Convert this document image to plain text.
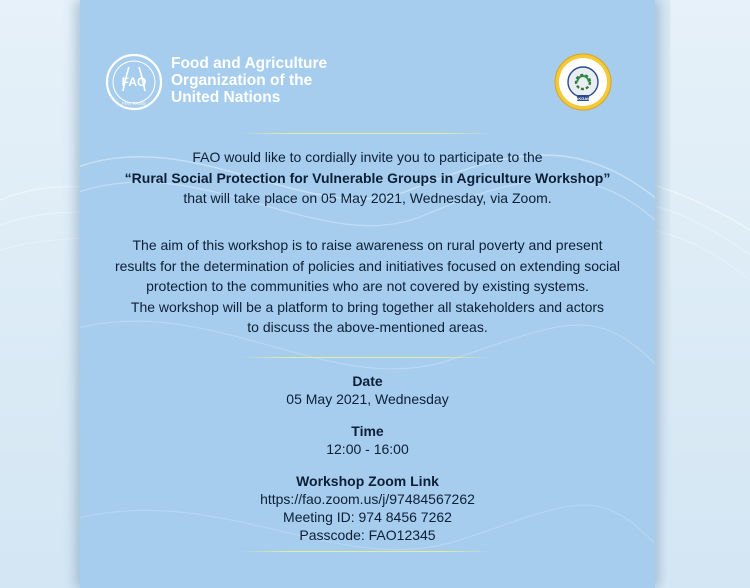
FAO
FIAT PANIS
Food and Agriculture
Organization of the
United Nations	AKGAM
FAO would like to cordially invite you to participate to the
“Rural Social Protection for Vulnerable Groups in Agriculture Workshop”
that will take place on 05 May 2021, Wednesday, via Zoom.
The aim of this workshop is to raise awareness on rural poverty and present
results for the determination of policies and initiatives focused on extending social
protection to the communities who are not covered by existing systems.
The workshop will be a platform to bring together all stakeholders and actors
to discuss the above-mentioned areas.
Date
05 May 2021, Wednesday
Time
12:00 - 16:00
Workshop Zoom Link
https://fao.zoom.us/j/97484567262
Meeting ID: 974 8456 7262
Passcode: FAO12345
